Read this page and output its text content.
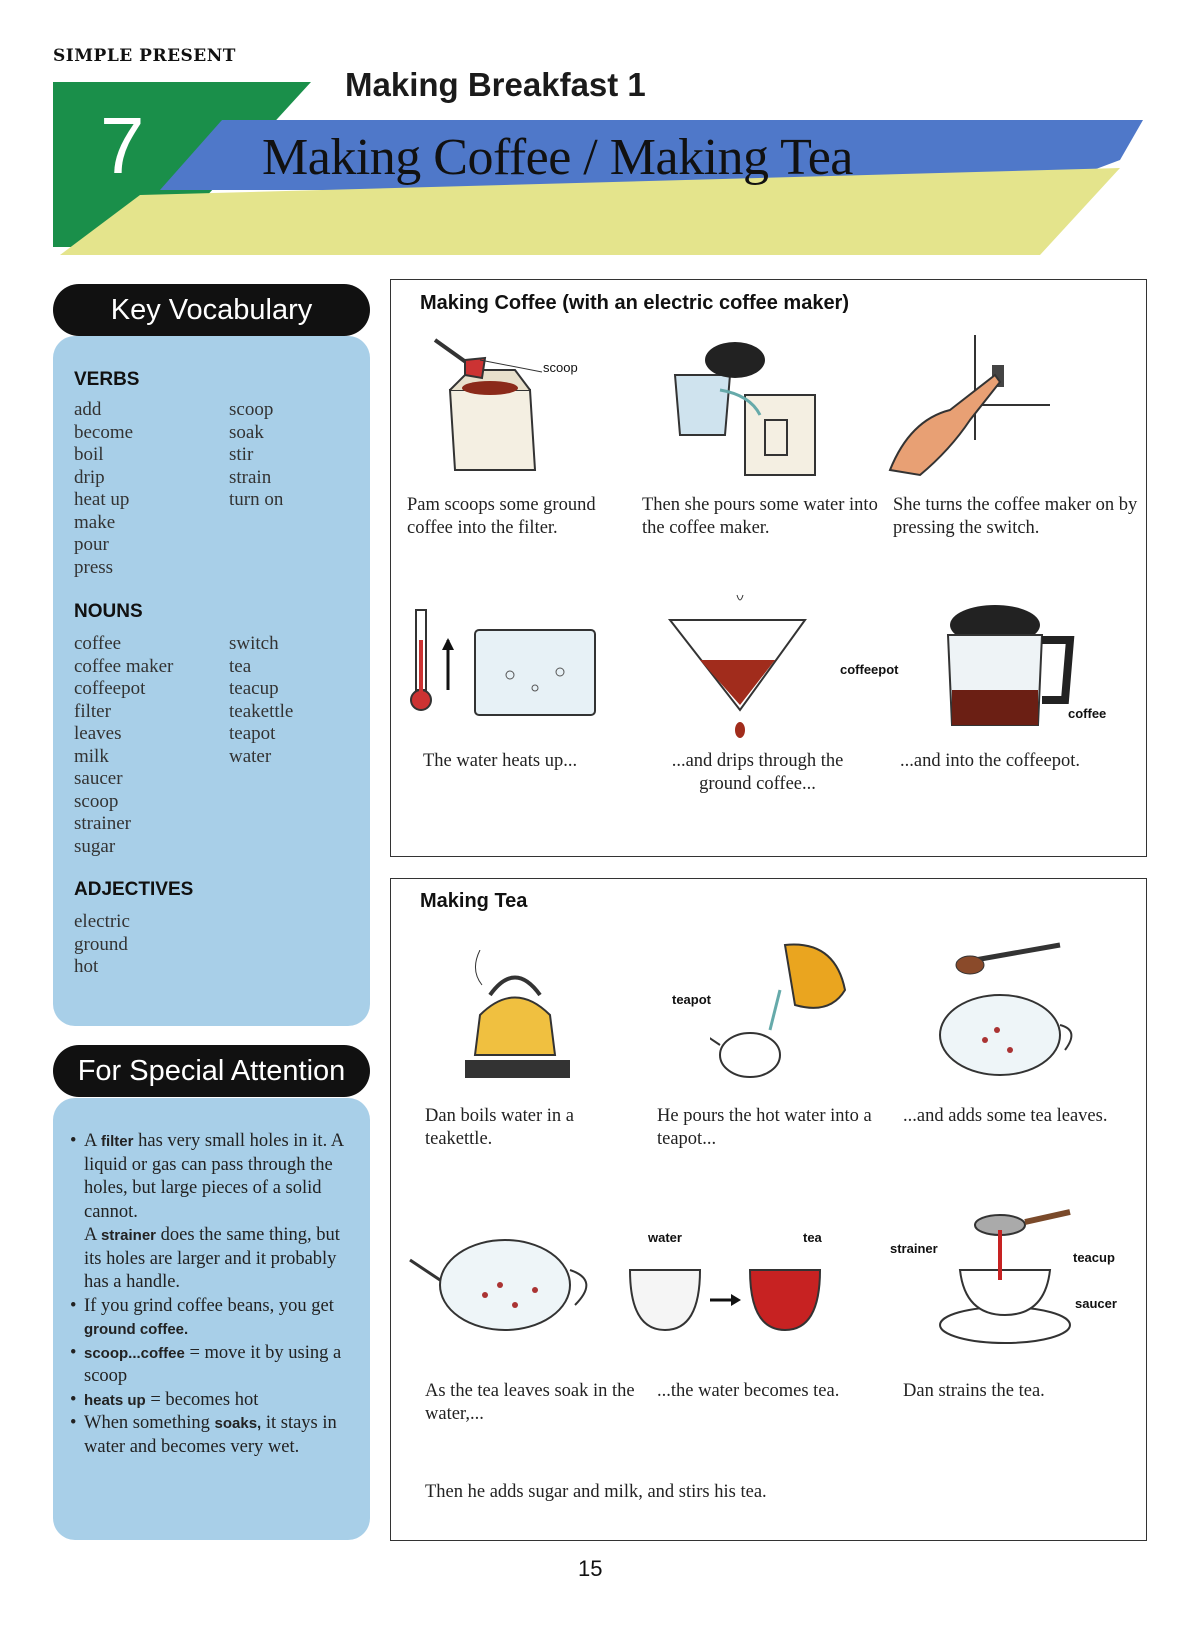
SIMPLE PRESENT
Making Breakfast 1
7 Making Coffee / Making Tea
Key Vocabulary
VERBS
add
become
boil
drip
heat up
make
pour
press
scoop
soak
stir
strain
turn on
NOUNS
coffee
coffee maker
coffeepot
filter
leaves
milk
saucer
scoop
strainer
sugar
switch
tea
teacup
teakettle
teapot
water
ADJECTIVES
electric
ground
hot
For Special Attention
• A filter has very small holes in it. A liquid or gas can pass through the holes, but large pieces of a solid cannot.
A strainer does the same thing, but its holes are larger and it probably has a handle.
• If you grind coffee beans, you get ground coffee.
• scoop...coffee = move it by using a scoop
• heats up = becomes hot
• When something soaks, it stays in water and becomes very wet.
Making Coffee (with an electric coffee maker)
scoop
Pam scoops some ground coffee into the filter.
Then she pours some water into the coffee maker.
She turns the coffee maker on by pressing the switch.
coffeepot
coffee
The water heats up...	...and drips through the ground coffee...
...and into the coffeepot.
Making Tea
teapot
Dan boils water in a teakettle.
He pours the hot water into a teapot...
...and adds some tea leaves.
water	tea
strainer
teacup
saucer
As the tea leaves soak in the water,...
...the water becomes tea.	Dan strains the tea.
Then he adds sugar and milk, and stirs his tea.
15
